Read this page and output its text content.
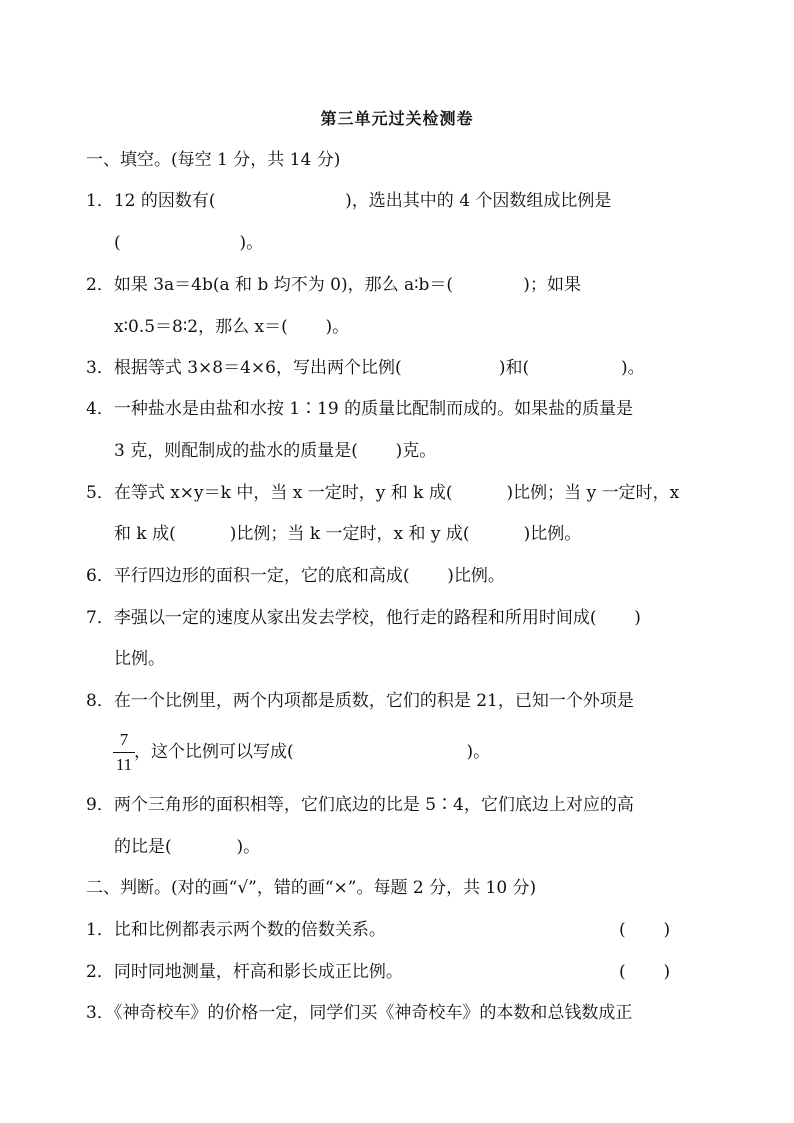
第三单元过关检测卷
一、填空。(每空 1 分，共 14 分)
1．12 的因数有(                        )，选出其中的 4 个因数组成比例是
(                      )。
2．如果 3a＝4b(a 和 b 均不为 0)，那么 a∶b＝(             )；如果
x∶0.5＝8∶2，那么 x＝(       )。
3．根据等式 3×8＝4×6，写出两个比例(                  )和(                 )。
4．一种盐水是由盐和水按 1∶19 的质量比配制而成的。如果盐的质量是
3 克，则配制成的盐水的质量是(       )克。
5．在等式 x×y＝k 中，当 x 一定时，y 和 k 成(          )比例；当 y 一定时，x
和 k 成(          )比例；当 k 一定时，x 和 y 成(          )比例。
6．平行四边形的面积一定，它的底和高成(       )比例。
7．李强以一定的速度从家出发去学校，他行走的路程和所用时间成(       )
比例。
8．在一个比例里，两个内项都是质数，它们的积是 21，已知一个外项是
$\frac{7}{11}$ ，这个比例可以写成(                                )。
9．两个三角形的面积相等，它们底边的比是 5∶4，它们底边上对应的高
的比是(            )。
二、判断。(对的画“√”，错的画“×”。每题 2 分，共 10 分)
1．比和比例都表示两个数的倍数关系。	(       )
2．同时同地测量，杆高和影长成正比例。	(       )
3．《神奇校车》的价格一定，同学们买《神奇校车》的本数和总钱数成正
